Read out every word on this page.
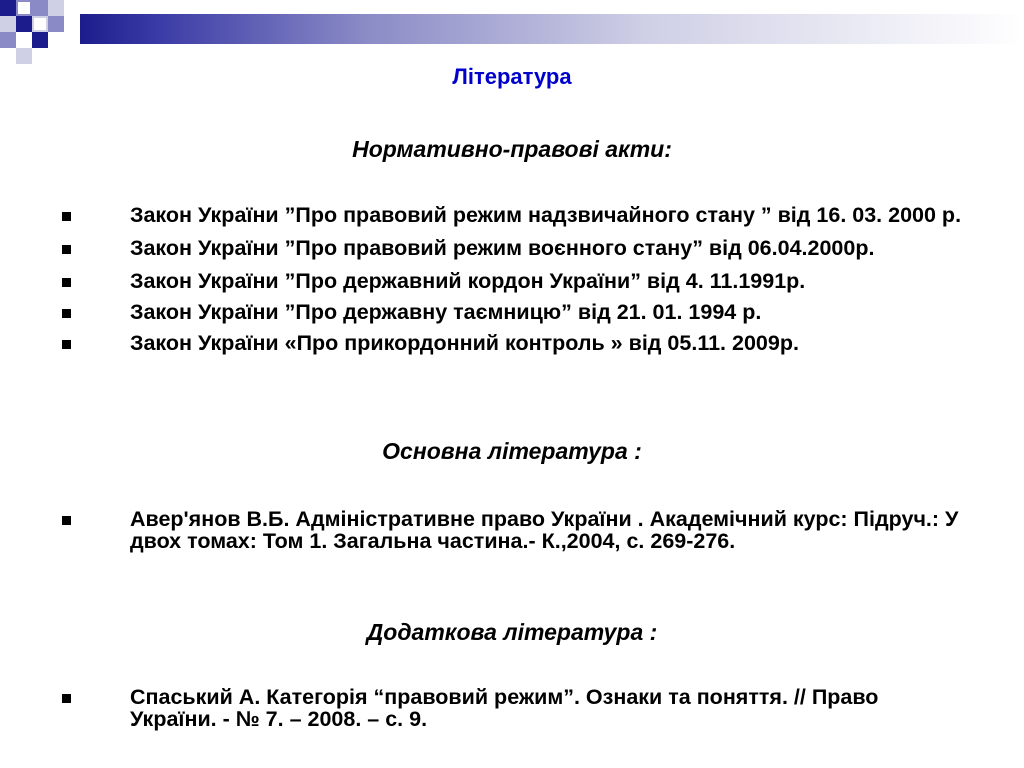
Література
Нормативно-правові акти:
Закон України ”Про правовий режим надзвичайного стану ” від 16. 03. 2000 р.
Закон України ”Про правовий режим воєнного стану” від 06.04.2000р.
Закон України ”Про державний кордон України” від 4. 11.1991р.
Закон України ”Про державну таємницю” від 21. 01. 1994 р.
Закон України «Про прикордонний контроль » від 05.11. 2009р.
Основна література :
Авер'янов В.Б. Адміністративне право України . Академічний курс: Підруч.: У двох томах: Том 1. Загальна частина.- К.,2004, с. 269-276.
Додаткова література :
Спаський А. Категорія “правовий режим”. Ознаки та поняття. // Право України. - № 7. – 2008. – с. 9.
